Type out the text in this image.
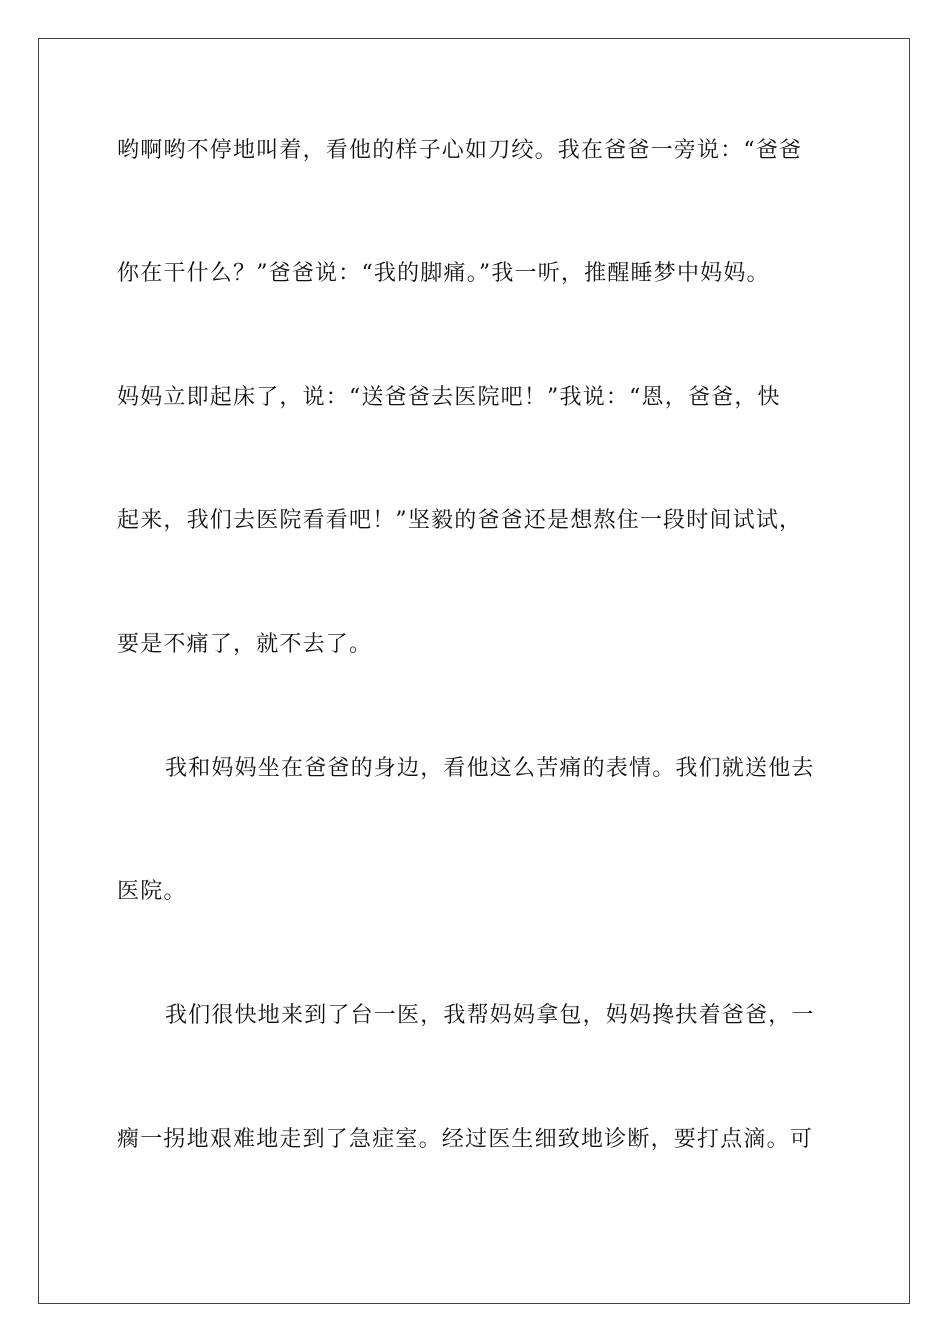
哟啊哟不停地叫着，看他的样子心如刀绞。我在爸爸一旁说：“爸爸
你在干什么？”爸爸说：“我的脚痛。”我一听，推醒睡梦中妈妈。
妈妈立即起床了，说：“送爸爸去医院吧！”我说：“恩，爸爸，快
起来，我们去医院看看吧！”坚毅的爸爸还是想熬住一段时间试试，
要是不痛了，就不去了。
我和妈妈坐在爸爸的身边，看他这么苦痛的表情。我们就送他去
医院。
我们很快地来到了台一医，我帮妈妈拿包，妈妈搀扶着爸爸，一
瘸一拐地艰难地走到了急症室。经过医生细致地诊断，要打点滴。可
